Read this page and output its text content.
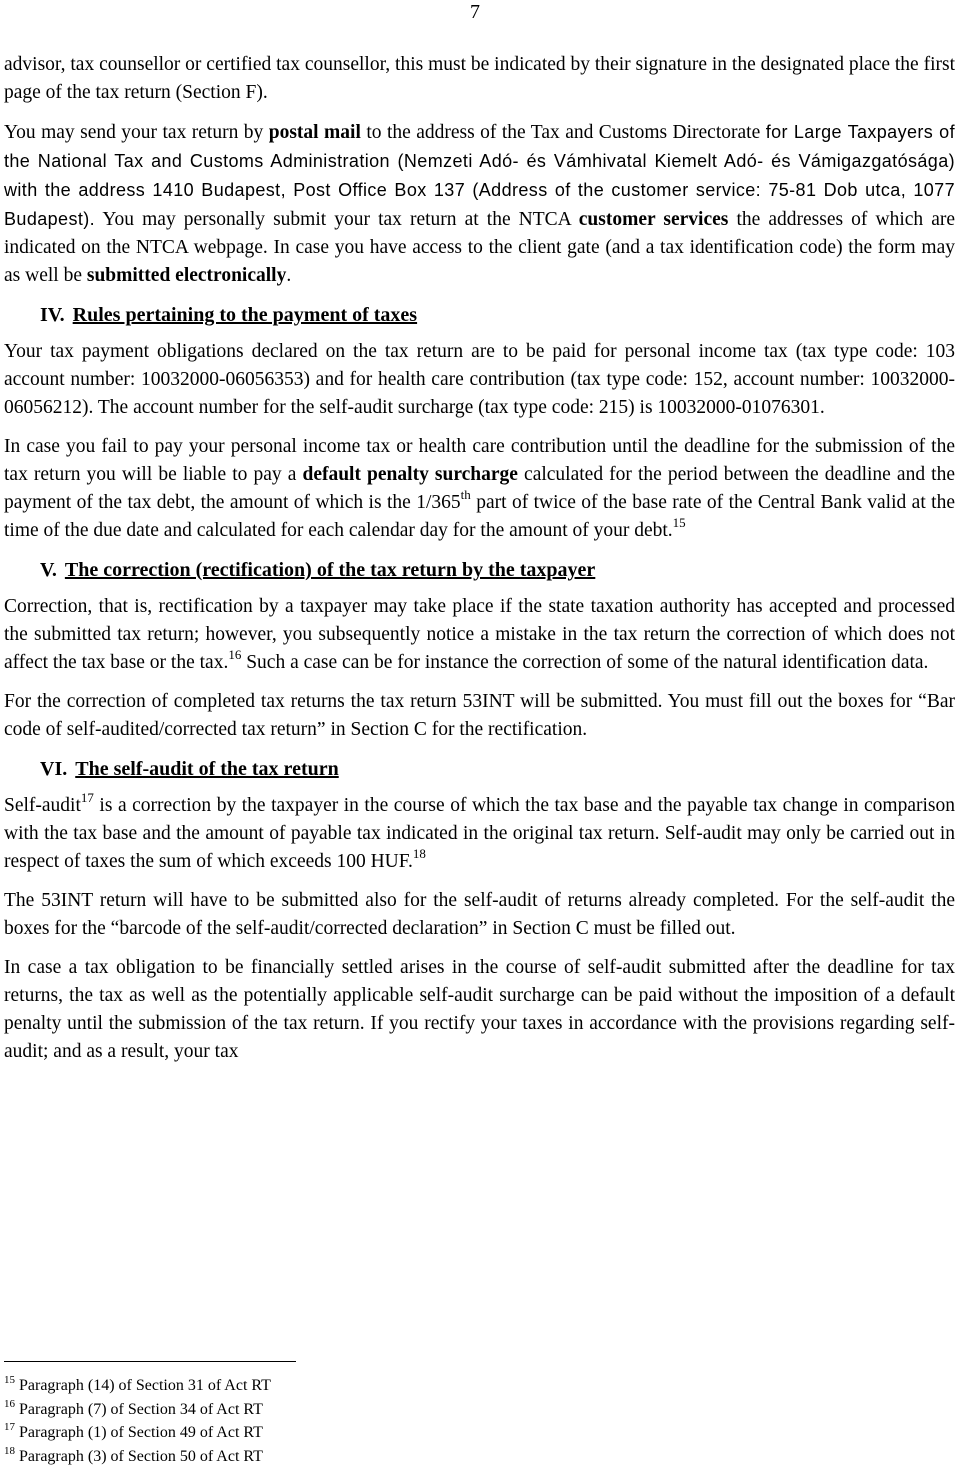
7

advisor, tax counsellor or certified tax counsellor, this must be indicated by their signature in the designated place the first page of the tax return (Section F).

You may send your tax return by postal mail to the address of the Tax and Customs Directorate for Large Taxpayers of the National Tax and Customs Administration (Nemzeti Adó- és Vámhivatal Kiemelt Adó- és Vámigazgatósága) with the address 1410 Budapest, Post Office Box 137 (Address of the customer service: 75-81 Dob utca, 1077 Budapest). You may personally submit your tax return at the NTCA customer services the addresses of which are indicated on the NTCA webpage. In case you have access to the client gate (and a tax identification code) the form may as well be submitted electronically.

IV. Rules pertaining to the payment of taxes

Your tax payment obligations declared on the tax return are to be paid for personal income tax (tax type code: 103 account number: 10032000-06056353) and for health care contribution (tax type code: 152, account number: 10032000-06056212). The account number for the self-audit surcharge (tax type code: 215) is 10032000-01076301.

In case you fail to pay your personal income tax or health care contribution until the deadline for the submission of the tax return you will be liable to pay a default penalty surcharge calculated for the period between the deadline and the payment of the tax debt, the amount of which is the 1/365th part of twice of the base rate of the Central Bank valid at the time of the due date and calculated for each calendar day for the amount of your debt.$^{15}$

V. The correction (rectification) of the tax return by the taxpayer

Correction, that is, rectification by a taxpayer may take place if the state taxation authority has accepted and processed the submitted tax return; however, you subsequently notice a mistake in the tax return the correction of which does not affect the tax base or the tax.$^{16}$ Such a case can be for instance the correction of some of the natural identification data.

For the correction of completed tax returns the tax return 53INT will be submitted. You must fill out the boxes for “Bar code of self-audited/corrected tax return” in Section C for the rectification.

VI. The self-audit of the tax return

Self-audit$^{17}$ is a correction by the taxpayer in the course of which the tax base and the payable tax change in comparison with the tax base and the amount of payable tax indicated in the original tax return. Self-audit may only be carried out in respect of taxes the sum of which exceeds 100 HUF.$^{18}$

The 53INT return will have to be submitted also for the self-audit of returns already completed. For the self-audit the boxes for the “barcode of the self-audit/corrected declaration” in Section C must be filled out.

In case a tax obligation to be financially settled arises in the course of self-audit submitted after the deadline for tax returns, the tax as well as the potentially applicable self-audit surcharge can be paid without the imposition of a default penalty until the submission of the tax return. If you rectify your taxes in accordance with the provisions regarding self-audit; and as a result, your tax

$^{15}$ Paragraph (14) of Section 31 of Act RT
$^{16}$ Paragraph (7) of Section 34 of Act RT
$^{17}$ Paragraph (1) of Section 49 of Act RT
$^{18}$ Paragraph (3) of Section 50 of Act RT
